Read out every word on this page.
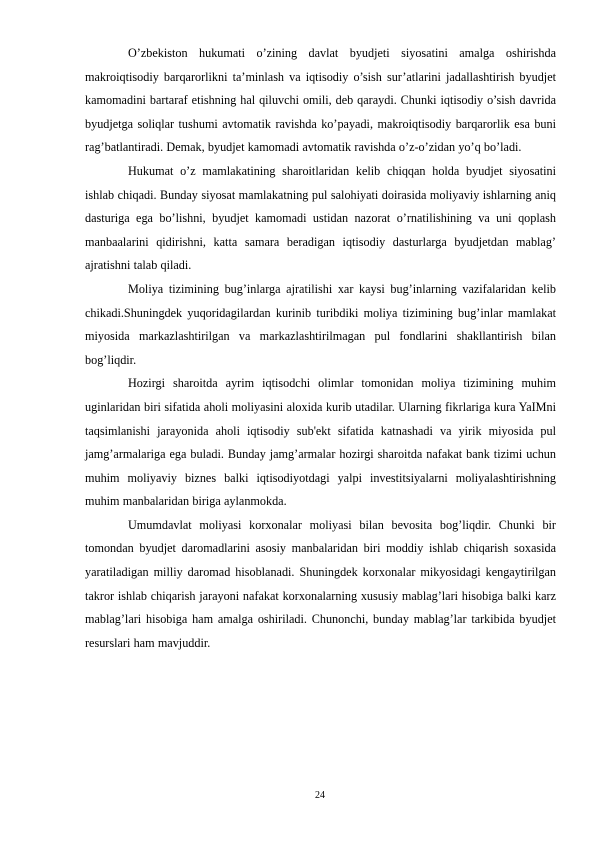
O’zbekiston hukumati o’zining davlat byudjeti siyosatini amalga oshirishda makroiqtisodiy barqarorlikni ta’minlash va iqtisodiy o’sish sur’atlarini jadallashtirish byudjet kamomadini bartaraf etishning hal qiluvchi omili, deb qaraydi. Chunki iqtisodiy o’sish davrida byudjetga soliqlar tushumi avtomatik ravishda ko’payadi, makroiqtisodiy barqarorlik esa buni rag’batlantiradi. Demak, byudjet kamomadi avtomatik ravishda o’z-o’zidan yo’q bo’ladi.

Hukumat o’z mamlakatining sharoitlaridan kelib chiqqan holda byudjet siyosatini ishlab chiqadi. Bunday siyosat mamlakatning pul salohiyati doirasida moliyaviy ishlarning aniq dasturiga ega bo’lishni, byudjet kamomadi ustidan nazorat o’rnatilishining va uni qoplash manbaalarini qidirishni, katta samara beradigan iqtisodiy dasturlarga byudjetdan mablag’ ajratishni talab qiladi.

Moliya tizimining bug’inlarga ajratilishi xar kaysi bug’inlarning vazifalaridan kelib chikadi.Shuningdek yuqoridagilardan kurinib turibdiki moliya tizimining bug’inlar mamlakat miyosida markazlashtirilgan va markazlashtirilmagan pul fondlarini shakllantirish bilan bog’liqdir.

Hozirgi sharoitda ayrim iqtisodchi olimlar tomonidan moliya tizimining muhim uginlaridan biri sifatida aholi moliyasini aloxida kurib utadilar. Ularning fikrlariga kura YaIMni taqsimlanishi jarayonida aholi iqtisodiy sub'ekt sifatida katnashadi va yirik miyosida pul jamg’armalariga ega buladi. Bunday jamg’armalar hozirgi sharoitda nafakat bank tizimi uchun muhim moliyaviy biznes balki iqtisodiyotdagi yalpi investitsiyalarni moliyalashtirishning muhim manbalaridan biriga aylanmokda.

Umumdavlat moliyasi korxonalar moliyasi bilan bevosita bog’liqdir. Chunki bir tomondan byudjet daromadlarini asosiy manbalaridan biri moddiy ishlab chiqarish soxasida yaratiladigan milliy daromad hisoblanadi. Shuningdek korxonalar mikyosidagi kengaytirilgan takror ishlab chiqarish jarayoni nafakat korxonalarning xususiy mablag’lari hisobiga balki karz mablag’lari hisobiga ham amalga oshiriladi. Chunonchi, bunday mablag’lar tarkibida byudjet resurslari ham mavjuddir.

24
